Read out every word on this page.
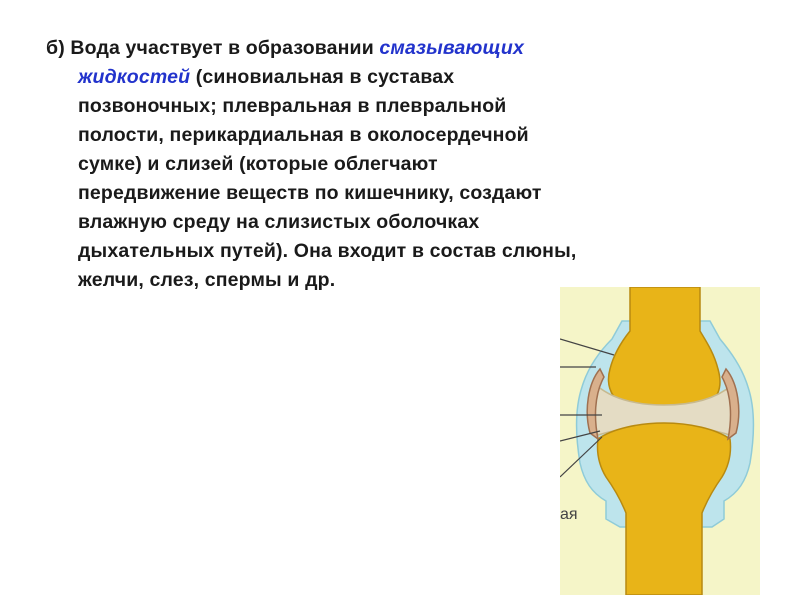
б) Вода участвует в образовании смазывающих
жидкостей (синовиальная в суставах
позвоночных; плевральная в плевральной
полости, перикардиальная в околосердечной
сумке) и слизей (которые облегчают
передвижение веществ по кишечнику, создают
влажную среду на слизистых оболочках
дыхательных путей). Она входит в состав слюны,
желчи, слез, спермы и др.
ая
